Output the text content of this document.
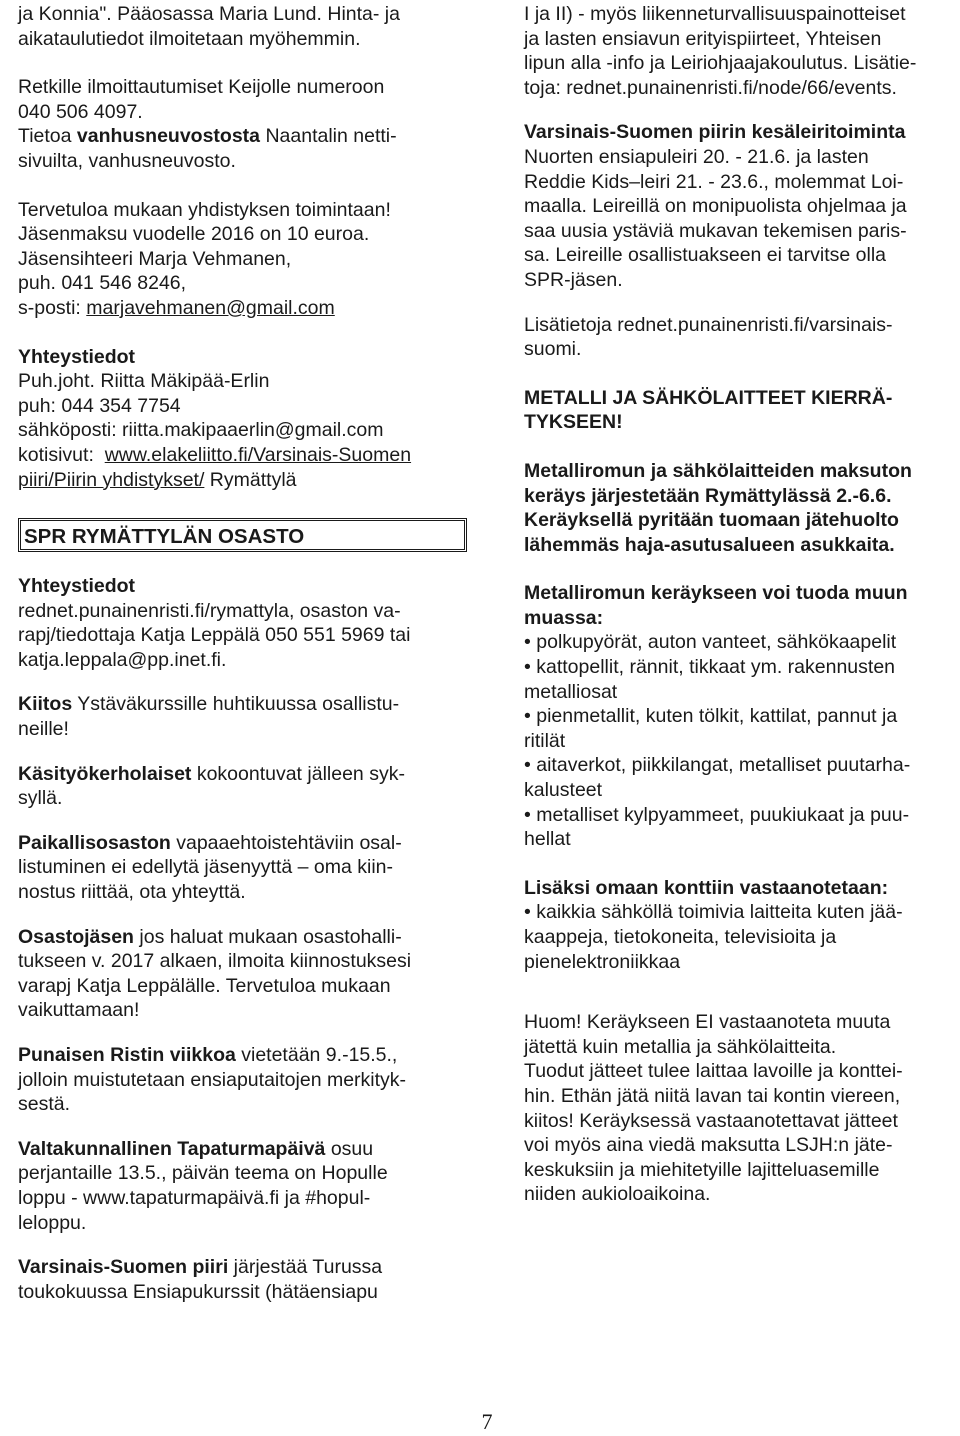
ja Konnia". Pääosassa Maria Lund. Hinta- ja
aikataulutiedot ilmoitetaan myöhemmin.
Retkille ilmoittautumiset Keijolle numeroon
040 506 4097.
Tietoa vanhusneuvostosta Naantalin netti-
sivuilta, vanhusneuvosto.
Tervetuloa mukaan yhdistyksen toimintaan!
Jäsenmaksu vuodelle 2016 on 10 euroa.
Jäsensihteeri Marja Vehmanen,
puh. 041 546 8246,
s-posti: marjavehmanen@gmail.com
Yhteystiedot
Puh.joht. Riitta Mäkipää-Erlin
puh: 044 354 7754
sähköposti: riitta.makipaaerlin@gmail.com
kotisivut:  www.elakeliitto.fi/Varsinais-Suomen
piiri/Piirin yhdistykset/ Rymättylä
SPR RYMÄTTYLÄN OSASTO
Yhteystiedot
rednet.punainenristi.fi/rymattyla, osaston va-
rapj/tiedottaja Katja Leppälä 050 551 5969 tai
katja.leppala@pp.inet.fi.
Kiitos Ystäväkurssille huhtikuussa osallistu-
neille!
Käsityökerholaiset kokoontuvat jälleen syk-
syllä.
Paikallisosaston vapaaehtoistehtäviin osal-
listuminen ei edellytä jäsenyyttä – oma kiin-
nostus riittää, ota yhteyttä.
Osastojäsen jos haluat mukaan osastohalli-
tukseen v. 2017 alkaen, ilmoita kiinnostuksesi
varapj Katja Leppälälle. Tervetuloa mukaan
vaikuttamaan!
Punaisen Ristin viikkoa vietetään 9.-15.5.,
jolloin muistutetaan ensiaputaitojen merkityk-
sestä.
Valtakunnallinen Tapaturmapäivä osuu
perjantaille 13.5., päivän teema on Hopulle
loppu - www.tapaturmapäivä.fi ja #hopul-
leloppu.
Varsinais-Suomen piiri järjestää Turussa
toukokuussa Ensiapukurssit (hätäensiapu
I ja II) - myös liikenneturvallisuuspainotteiset
ja lasten ensiavun erityispiirteet, Yhteisen
lipun alla -info ja Leiriohjaajakoulutus. Lisätie-
toja: rednet.punainenristi.fi/node/66/events.
Varsinais-Suomen piirin kesäleiritoiminta
Nuorten ensiapuleiri 20. - 21.6. ja lasten
Reddie Kids–leiri 21. - 23.6., molemmat Loi-
maalla. Leireillä on monipuolista ohjelmaa ja
saa uusia ystäviä mukavan tekemisen paris-
sa. Leireille osallistuakseen ei tarvitse olla
SPR-jäsen.
Lisätietoja rednet.punainenristi.fi/varsinais-
suomi.
METALLI JA SÄHKÖLAITTEET KIERRÄ-
TYKSEEN!
Metalliromun ja sähkölaitteiden maksuton
keräys järjestetään Rymättylässä 2.-6.6.
Keräyksellä pyritään tuomaan jätehuolto
lähemmäs haja-asutusalueen asukkaita.
Metalliromun keräykseen voi tuoda muun
muassa:
• polkupyörät, auton vanteet, sähkökaapelit
• kattopellit, rännit, tikkaat ym. rakennusten
metalliosat
• pienmetallit, kuten tölkit, kattilat, pannut ja
ritilät
• aitaverkot, piikkilangat, metalliset puutarha-
kalusteet
• metalliset kylpyammeet, puukiukaat ja puu-
hellat
Lisäksi omaan konttiin vastaanotetaan:
• kaikkia sähköllä toimivia laitteita kuten jää-
kaappeja, tietokoneita, televisioita ja
pienelektroniikkaa
Huom! Keräykseen EI vastaanoteta muuta
jätettä kuin metallia ja sähkölaitteita.
Tuodut jätteet tulee laittaa lavoille ja konttei-
hin. Ethän jätä niitä lavan tai kontin viereen,
kiitos! Keräyksessä vastaanotettavat jätteet
voi myös aina viedä maksutta LSJH:n jäte-
keskuksiin ja miehitetyille lajitteluasemille
niiden aukioloaikoina.
7
